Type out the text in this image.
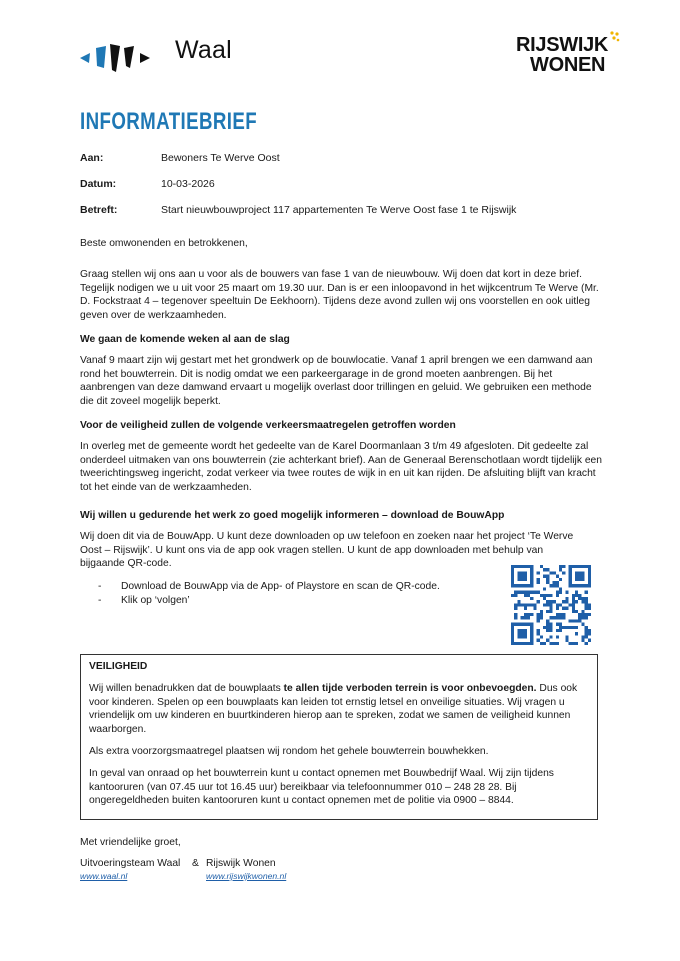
Waal	RIJSWIJK
WONEN
INFORMATIEBRIEF
Aan:	Bewoners Te Werve Oost
Datum:	10-03-2026
Betreft:	Start nieuwbouwproject 117 appartementen Te Werve Oost fase 1 te Rijswijk

Beste omwonenden en betrokkenen,

Graag stellen wij ons aan u voor als de bouwers van fase 1 van de nieuwbouw. Wij doen dat kort in deze brief. Tegelijk nodigen we u uit voor 25 maart om 19.30 uur. Dan is er een inloopavond in het wijkcentrum Te Werve (Mr. D. Fockstraat 4 – tegenover speeltuin De Eekhoorn). Tijdens deze avond zullen wij ons voorstellen en ook uitleg geven over de werkzaamheden.

We gaan de komende weken al aan de slag

Vanaf 9 maart zijn wij gestart met het grondwerk op de bouwlocatie. Vanaf 1 april brengen we een damwand aan rond het bouwterrein. Dit is nodig omdat we een parkeergarage in de grond moeten aanbrengen. Bij het aanbrengen van deze damwand ervaart u mogelijk overlast door trillingen en geluid. We gebruiken een methode die dit zoveel mogelijk beperkt.

Voor de veiligheid zullen de volgende verkeersmaatregelen getroffen worden

In overleg met de gemeente wordt het gedeelte van de Karel Doormanlaan 3 t/m 49 afgesloten. Dit gedeelte zal onderdeel uitmaken van ons bouwterrein (zie achterkant brief). Aan de Generaal Berenschotlaan wordt tijdelijk een tweerichtingsweg ingericht, zodat verkeer via twee routes de wijk in en uit kan rijden. De afsluiting blijft van kracht tot het einde van de werkzaamheden.

Wij willen u gedurende het werk zo goed mogelijk informeren – download de BouwApp

Wij doen dit via de BouwApp. U kunt deze downloaden op uw telefoon en zoeken naar het project ‘Te Werve Oost – Rijswijk’. U kunt ons via de app ook vragen stellen. U kunt de app downloaden met behulp van bijgaande QR-code.

-	Download de BouwApp via de App- of Playstore en scan de QR-code.
-	Klik op ‘volgen’

VEILIGHEID

Wij willen benadrukken dat de bouwplaats te allen tijde verboden terrein is voor onbevoegden. Dus ook voor kinderen. Spelen op een bouwplaats kan leiden tot ernstig letsel en onveilige situaties. Wij vragen u vriendelijk om uw kinderen en buurtkinderen hierop aan te spreken, zodat we samen de veiligheid kunnen waarborgen.

Als extra voorzorgsmaatregel plaatsen wij rondom het gehele bouwterrein bouwhekken.

In geval van onraad op het bouwterrein kunt u contact opnemen met Bouwbedrijf Waal. Wij zijn tijdens kantooruren (van 07.45 uur tot 16.45 uur) bereikbaar via telefoonnummer 010 – 248 28 28. Bij ongeregeldheden buiten kantooruren kunt u contact opnemen met de politie via 0900 – 8844.

Met vriendelijke groet,

Uitvoeringsteam Waal & Rijswijk Wonen

www.waal.nl	www.rijswijkwonen.nl
